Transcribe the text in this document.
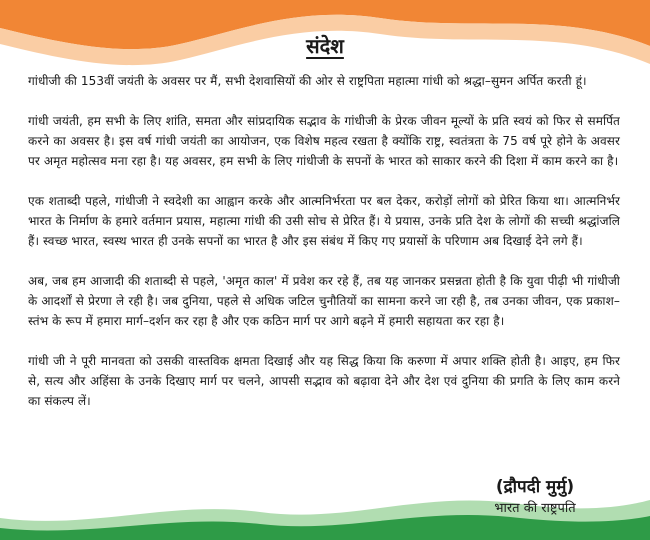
संदेश

गांधीजी की 153वीं जयंती के अवसर पर मैं, सभी देशवासियों की ओर से राष्ट्रपिता महात्मा गांधी को श्रद्धा–सुमन अर्पित करती हूं।

गांधी जयंती, हम सभी के लिए शांति, समता और सांप्रदायिक सद्भाव के गांधीजी के प्रेरक जीवन मूल्यों के प्रति स्वयं को फिर से समर्पित करने का अवसर है। इस वर्ष गांधी जयंती का आयोजन, एक विशेष महत्व रखता है क्योंकि राष्ट्र, स्वतंत्रता के 75 वर्ष पूरे होने के अवसर पर अमृत महोत्सव मना रहा है। यह अवसर, हम सभी के लिए गांधीजी के सपनों के भारत को साकार करने की दिशा में काम करने का है।

एक शताब्दी पहले, गांधीजी ने स्वदेशी का आह्वान करके और आत्मनिर्भरता पर बल देकर, करोड़ों लोगों को प्रेरित किया था। आत्मनिर्भर भारत के निर्माण के हमारे वर्तमान प्रयास, महात्मा गांधी की उसी सोच से प्रेरित हैं। ये प्रयास, उनके प्रति देश के लोगों की सच्ची श्रद्धांजलि हैं। स्वच्छ भारत, स्वस्थ भारत ही उनके सपनों का भारत है और इस संबंध में किए गए प्रयासों के परिणाम अब दिखाई देने लगे हैं।

अब, जब हम आजादी की शताब्दी से पहले, 'अमृत काल' में प्रवेश कर रहे हैं, तब यह जानकर प्रसन्नता होती है कि युवा पीढ़ी भी गांधीजी के आदर्शों से प्रेरणा ले रही है। जब दुनिया, पहले से अधिक जटिल चुनौतियों का सामना करने जा रही है, तब उनका जीवन, एक प्रकाश–स्तंभ के रूप में हमारा मार्ग–दर्शन कर रहा है और एक कठिन मार्ग पर आगे बढ़ने में हमारी सहायता कर रहा है।

गांधी जी ने पूरी मानवता को उसकी वास्तविक क्षमता दिखाई और यह सिद्ध किया कि करुणा में अपार शक्ति होती है। आइए, हम फिर से, सत्य और अहिंसा के उनके दिखाए मार्ग पर चलने, आपसी सद्भाव को बढ़ावा देने और देश एवं दुनिया की प्रगति के लिए काम करने का संकल्प लें।

(द्रौपदी मुर्मु)

भारत की राष्ट्रपति
